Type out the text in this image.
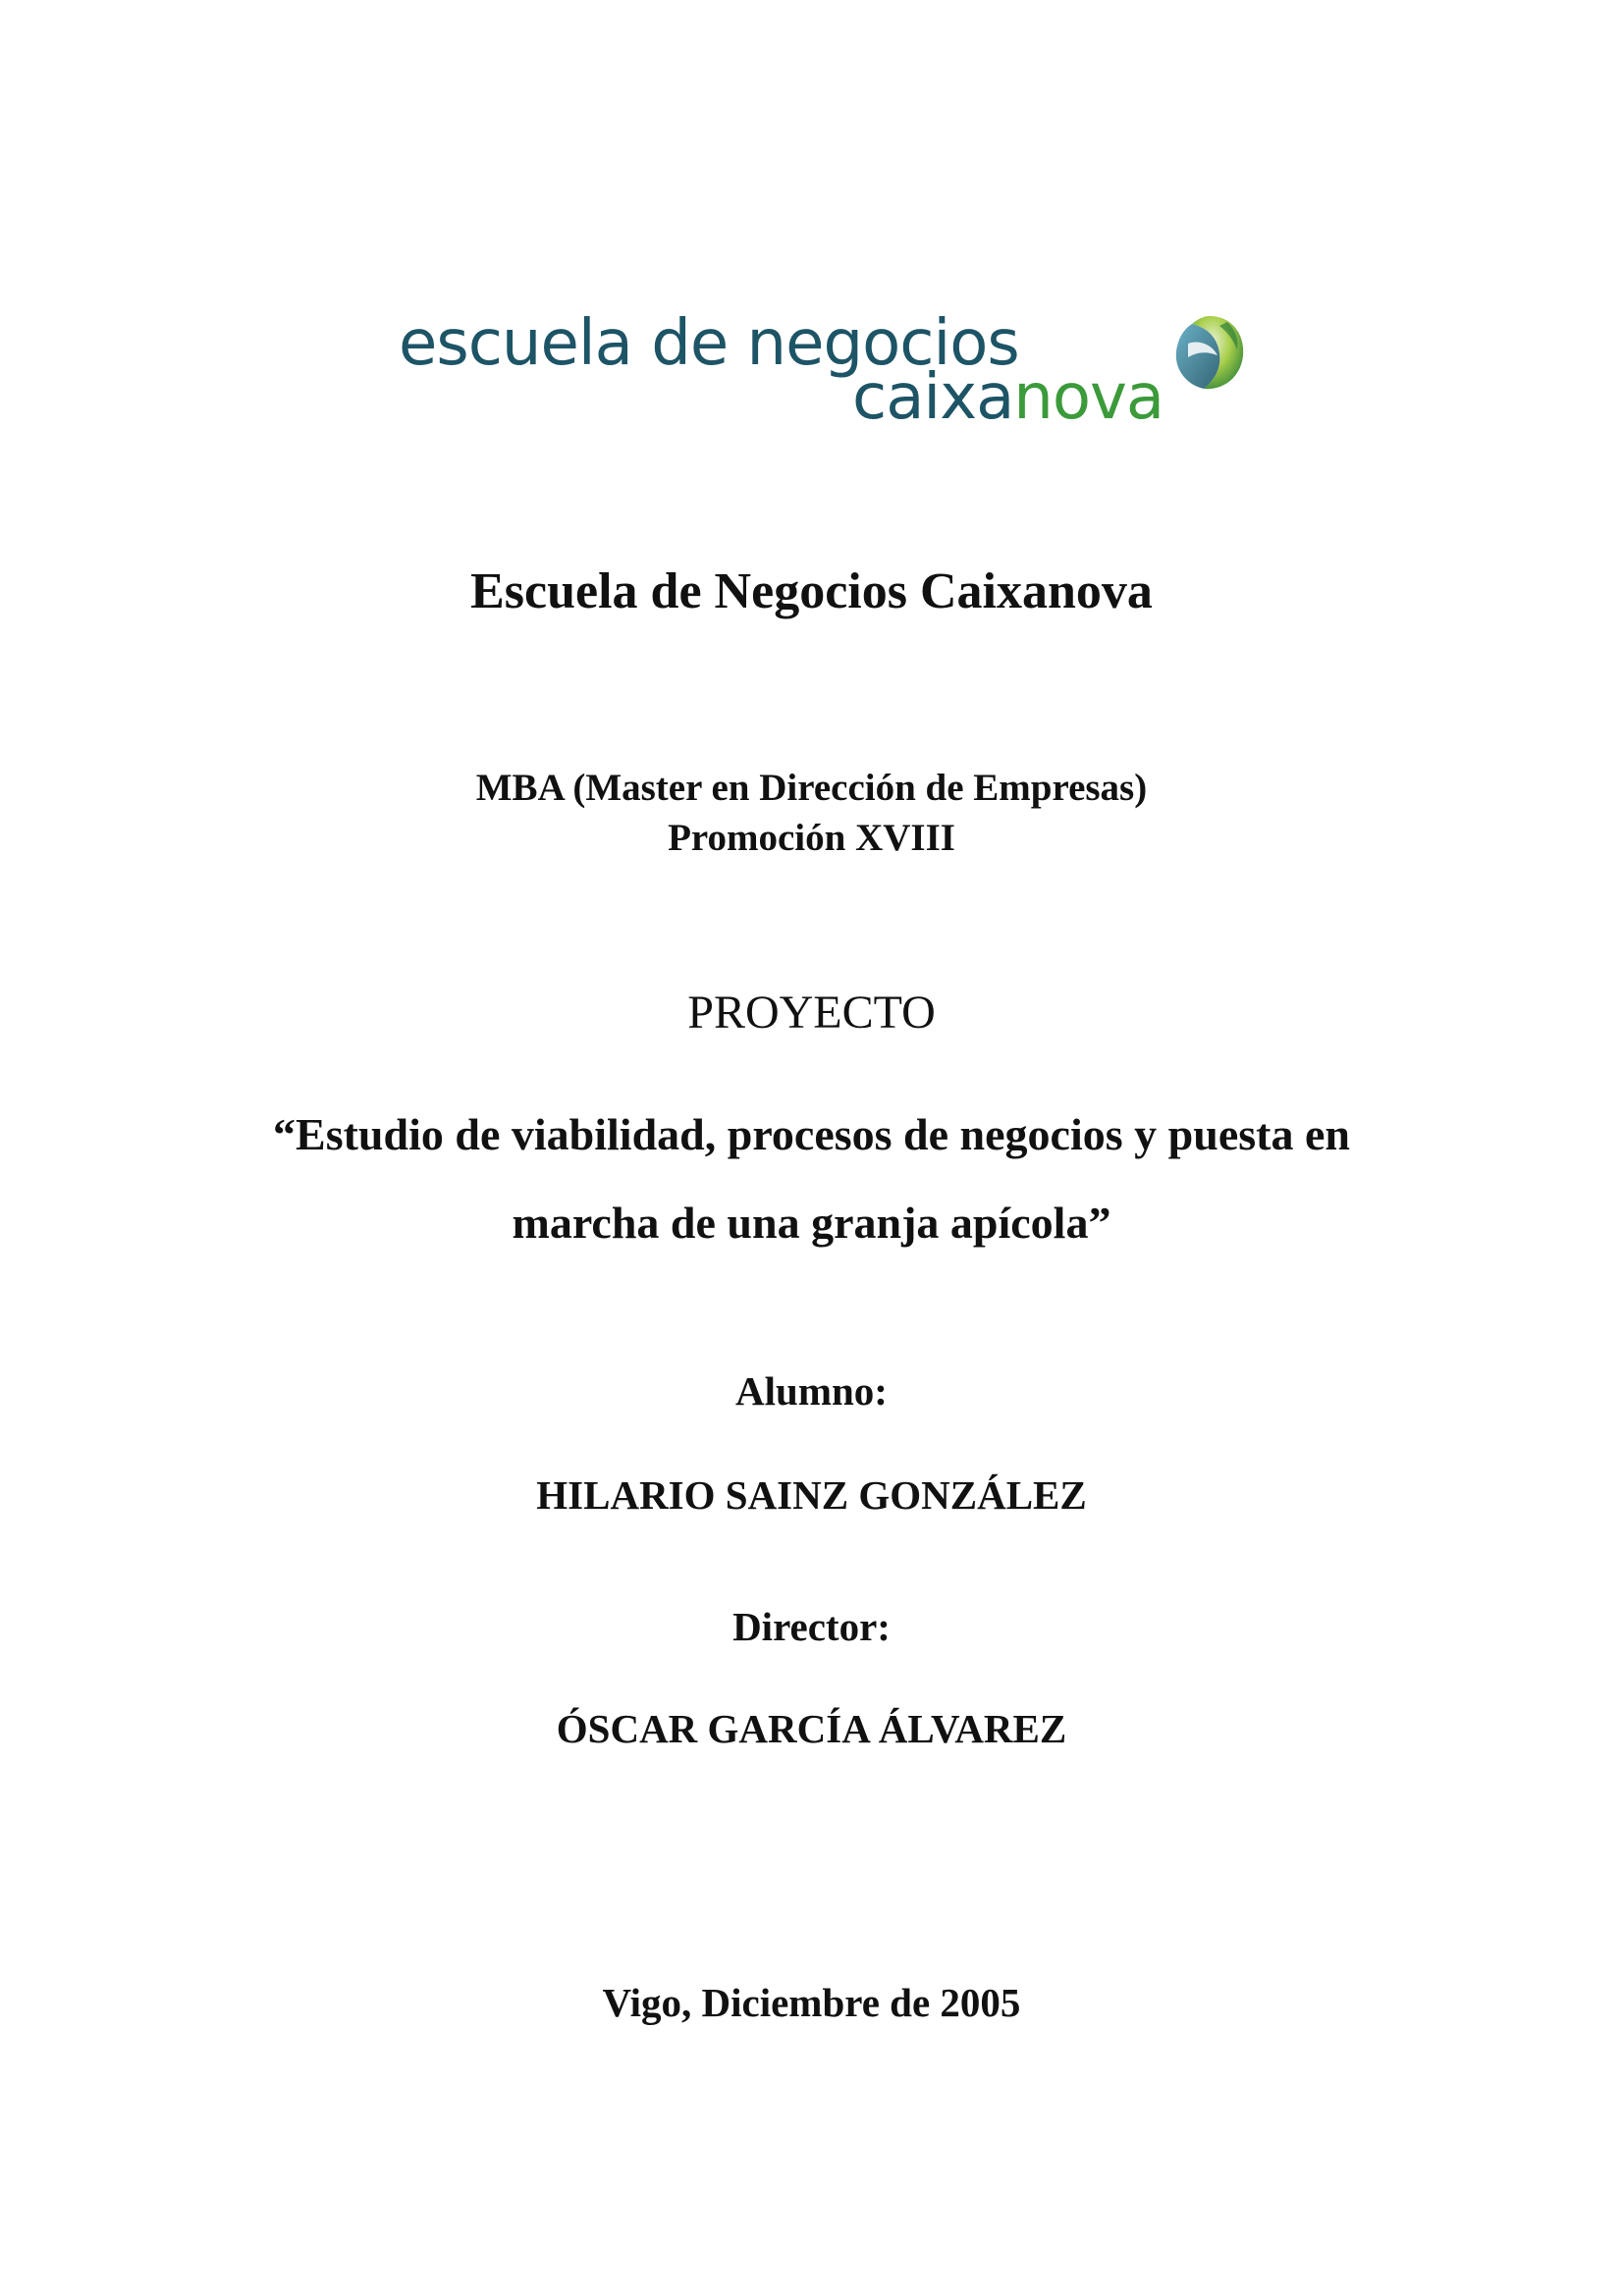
escuela de negocios
caixanova
Escuela de Negocios Caixanova
MBA (Master en Dirección de Empresas)
Promoción XVIII
PROYECTO
“Estudio de viabilidad, procesos de negocios y puesta en
marcha de una granja apícola”
Alumno:
HILARIO SAINZ GONZÁLEZ
Director:
ÓSCAR GARCÍA ÁLVAREZ
Vigo, Diciembre de 2005
